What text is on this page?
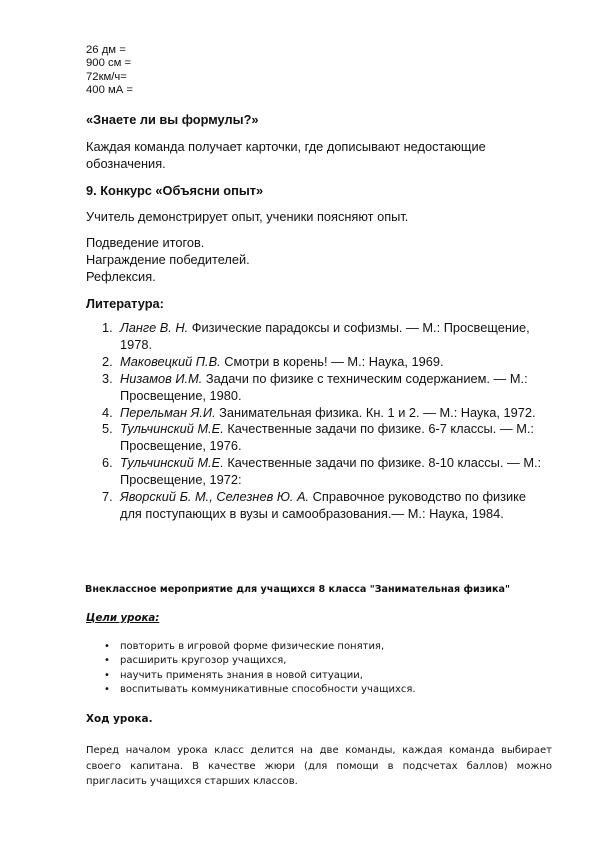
26 дм =
900 см =
72км/ч=
400 мА =
«Знаете ли вы формулы?»
Каждая команда получает карточки, где дописывают недостающие обозначения.
9. Конкурс «Объясни опыт»
Учитель демонстрирует опыт, ученики поясняют опыт.
Подведение итогов.
Награждение победителей.
Рефлексия.
Литература:
1. Ланге В. Н. Физические парадоксы и софизмы. — М.: Просвещение, 1978.
2. Маковецкий П.В. Смотри в корень! — М.: Наука, 1969.
3. Низамов И.М. Задачи по физике с техническим содержанием. — М.: Просвещение, 1980.
4. Перельман Я.И. Занимательная физика. Кн. 1 и 2. — М.: Наука, 1972.
5. Тульчинский М.Е. Качественные задачи по физике. 6-7 классы. — М.: Просвещение, 1976.
6. Тульчинский М.Е. Качественные задачи по физике. 8-10 классы. — М.: Просвещение, 1972:
7. Яворский Б. М., Селезнев Ю. А. Справочное руководство по физике для поступающих в вузы и самообразования.— М.: Наука, 1984.
Внеклассное мероприятие для учащихся 8 класса "Занимательная физика"
Цели урока:
• повторить в игровой форме физические понятия,
• расширить кругозор учащихся,
• научить применять знания в новой ситуации,
• воспитывать коммуникативные способности учащихся.
Ход урока.
Перед началом урока класс делится на две команды, каждая команда выбирает своего капитана. В качестве жюри (для помощи в подсчетах баллов) можно пригласить учащихся старших классов.
